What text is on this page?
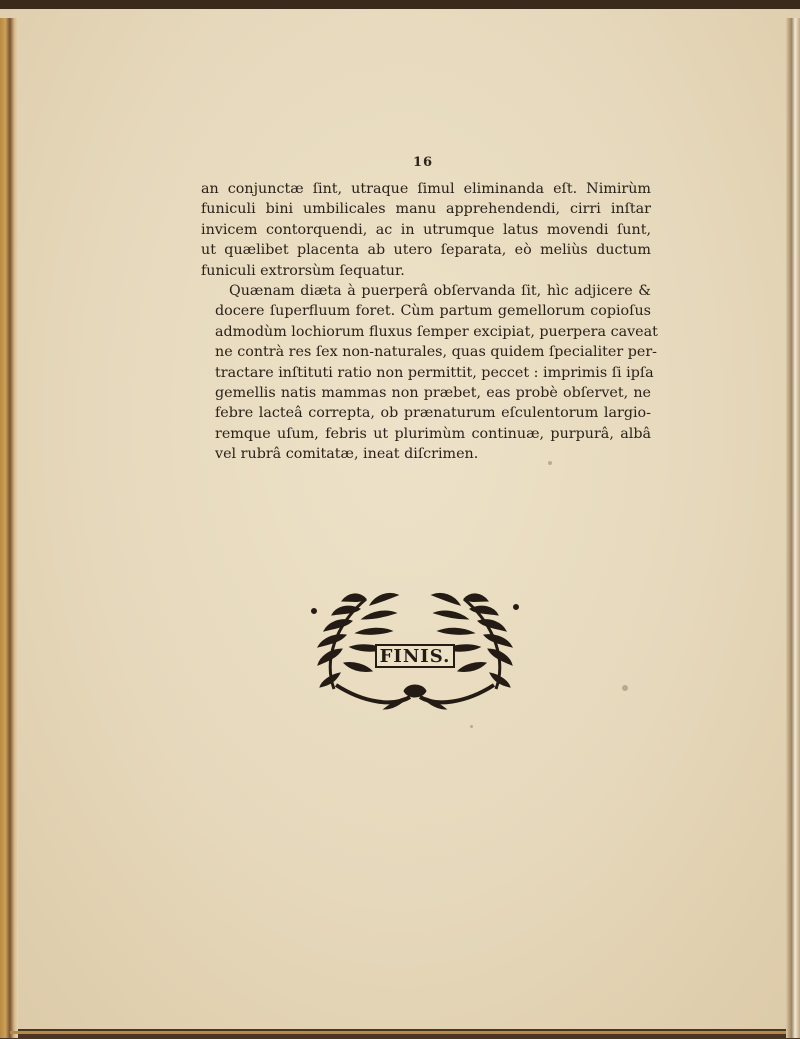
16

an conjunctæ ſint, utraque ſimul eliminanda eſt. Nimirùm
funiculi bini umbilicales manu apprehendendi, cirri inſtar
invicem contorquendi, ac in utrumque latus movendi ſunt,
ut quælibet placenta ab utero ſeparata, eò meliùs ductum
funiculi extrorsùm ſequatur.

Quænam diæta à puerperâ obſervanda ſit, hìc adjicere &
docere ſuperfluum foret. Cùm partum gemellorum copioſus
admodùm lochiorum fluxus ſemper excipiat, puerpera caveat
ne contrà res ſex non-naturales, quas quidem ſpecialiter per-
tractare inſtituti ratio non permittit, peccet : imprimis ſi ipſa
gemellis natis mammas non præbet, eas probè obſervet, ne
febre lacteâ correpta, ob prænaturum eſculentorum largio-
remque uſum, febris ut plurimùm continuæ, purpurâ, albâ
vel rubrâ comitatæ, ineat diſcrimen.

FINIS.
